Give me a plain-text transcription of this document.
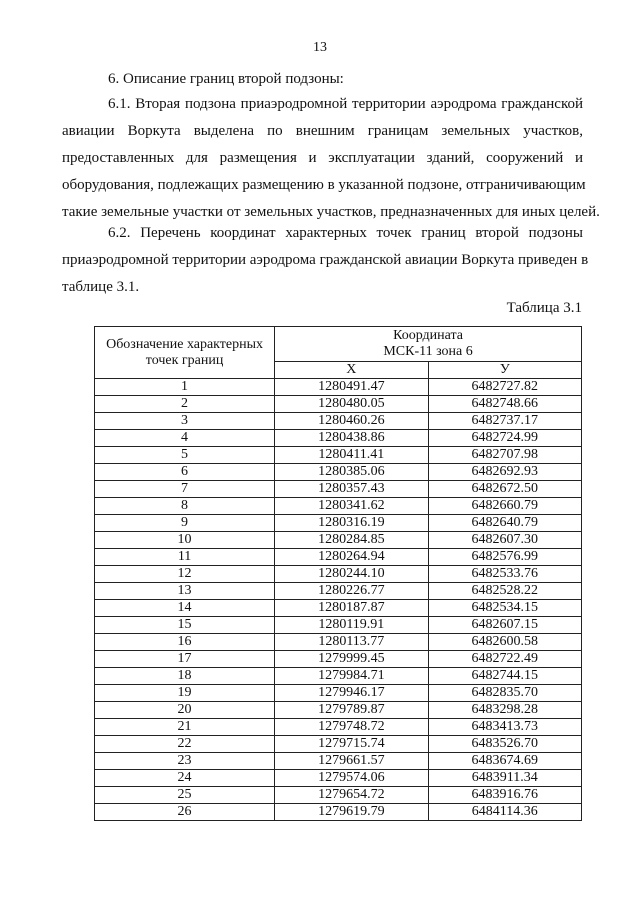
13
6. Описание границ второй подзоны:
6.1. Вторая подзона приаэродромной территории аэродрома гражданской
авиации Воркута выделена по внешним границам земельных участков,
предоставленных для размещения и эксплуатации зданий, сооружений и
оборудования, подлежащих размещению в указанной подзоне, отграничивающим
такие земельные участки от земельных участков, предназначенных для иных целей.
6.2. Перечень координат характерных точек границ второй подзоны
приаэродромной территории аэродрома гражданской авиации Воркута приведен в
таблице 3.1.
Таблица 3.1
Обозначение характерных точек границ	Координата
МСК-11 зона 6	

	X	У
1	1280491.47	6482727.82
2	1280480.05	6482748.66
3	1280460.26	6482737.17
4	1280438.86	6482724.99
5	1280411.41	6482707.98
6	1280385.06	6482692.93
7	1280357.43	6482672.50
8	1280341.62	6482660.79
9	1280316.19	6482640.79
10	1280284.85	6482607.30
11	1280264.94	6482576.99
12	1280244.10	6482533.76
13	1280226.77	6482528.22
14	1280187.87	6482534.15
15	1280119.91	6482607.15
16	1280113.77	6482600.58
17	1279999.45	6482722.49
18	1279984.71	6482744.15
19	1279946.17	6482835.70
20	1279789.87	6483298.28
21	1279748.72	6483413.73
22	1279715.74	6483526.70
23	1279661.57	6483674.69
24	1279574.06	6483911.34
25	1279654.72	6483916.76
26	1279619.79	6484114.36
